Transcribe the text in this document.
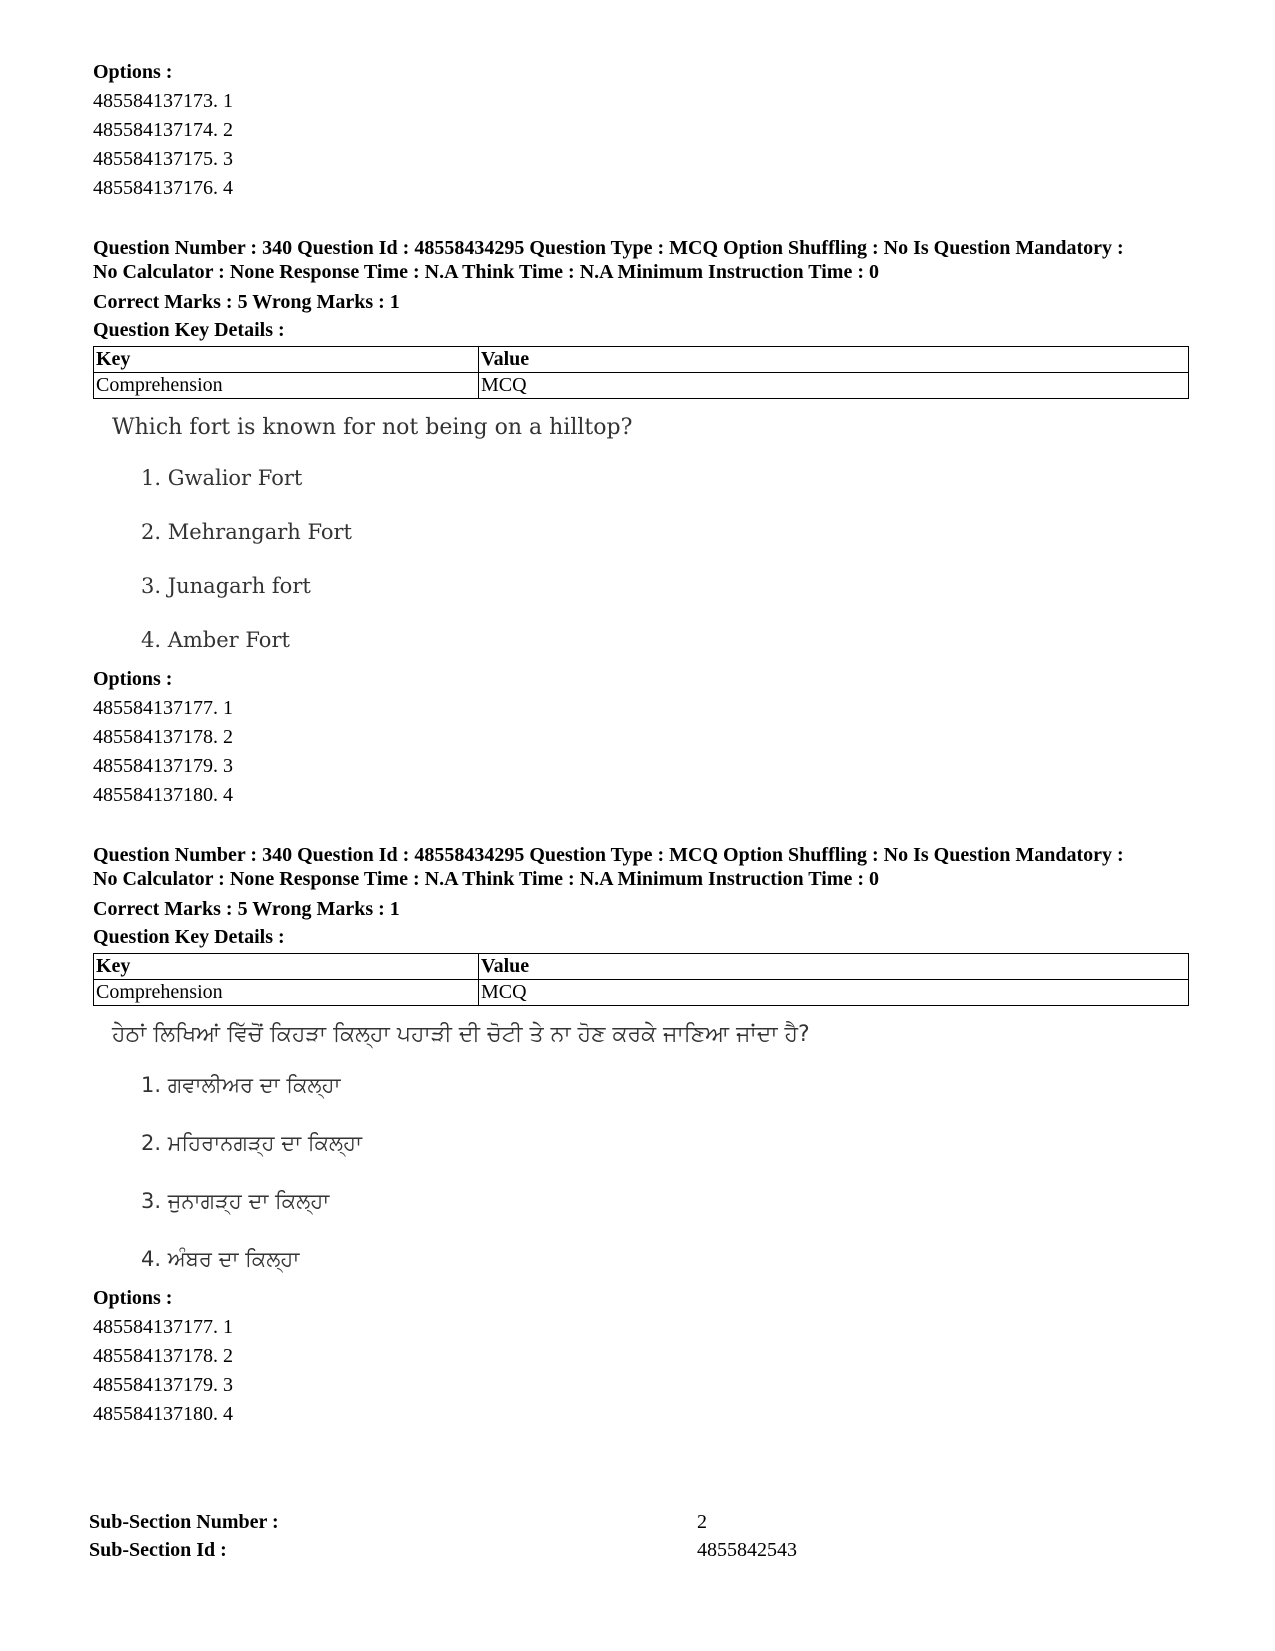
Options :
485584137173. 1
485584137174. 2
485584137175. 3
485584137176. 4
Question Number : 340 Question Id : 48558434295 Question Type : MCQ Option Shuffling : No Is Question Mandatory :
No Calculator : None Response Time : N.A Think Time : N.A Minimum Instruction Time : 0
Correct Marks : 5 Wrong Marks : 1
Question Key Details :
Key	Value
Comprehension	MCQ
Which fort is known for not being on a hilltop?
1. Gwalior Fort
2. Mehrangarh Fort
3. Junagarh fort
4. Amber Fort
Options :
485584137177. 1
485584137178. 2
485584137179. 3
485584137180. 4
Question Number : 340 Question Id : 48558434295 Question Type : MCQ Option Shuffling : No Is Question Mandatory :
No Calculator : None Response Time : N.A Think Time : N.A Minimum Instruction Time : 0
Correct Marks : 5 Wrong Marks : 1
Question Key Details :
Key	Value
Comprehension	MCQ
ਹੇਠਾਂ ਲਿਖਿਆਂ ਵਿੱਚੋਂ ਕਿਹੜਾ ਕਿਲ੍ਹਾ ਪਹਾੜੀ ਦੀ ਚੋਟੀ ਤੇ ਨਾ ਹੋਣ ਕਰਕੇ ਜਾਣਿਆ ਜਾਂਦਾ ਹੈ?
1. ਗਵਾਲੀਅਰ ਦਾ ਕਿਲ੍ਹਾ
2. ਮਹਿਰਾਨਗੜ੍ਹ ਦਾ ਕਿਲ੍ਹਾ
3. ਜੁਨਾਗੜ੍ਹ ਦਾ ਕਿਲ੍ਹਾ
4. ਅੰਬਰ ਦਾ ਕਿਲ੍ਹਾ
Options :
485584137177. 1
485584137178. 2
485584137179. 3
485584137180. 4
Sub-Section Number :	2
Sub-Section Id :	4855842543
